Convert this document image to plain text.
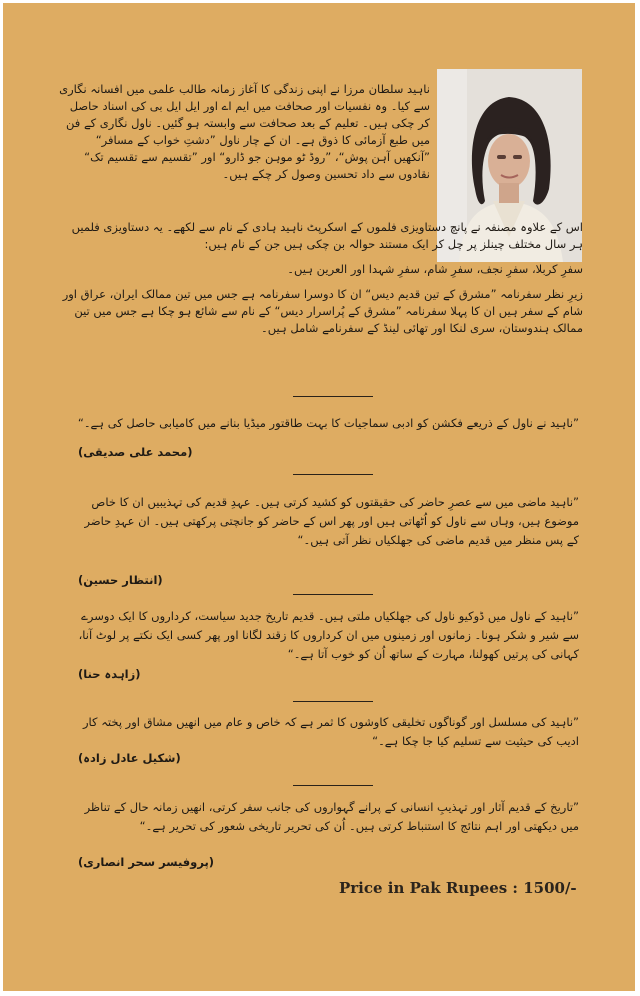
ناہید سلطان مرزا نے اپنی زندگی کا آغاز زمانہ طالب علمی میں افسانہ نگاری سے کیا۔ وہ نفسیات اور صحافت میں ایم اے اور ایل ایل بی کی اسناد حاصل کر چکی ہیں۔ تعلیم کے بعد صحافت سے وابستہ ہو گئیں۔ ناول نگاری کے فن میں طبع آزمائی کا ذوق ہے۔ ان کے چار ناول ”دشتِ خواب کے مسافر“ ”آنکھیں آہن پوش“، ”روڈ ٹو موہن جو ڈارو“ اور ”تقسیم سے تقسیم تک“ نقادوں سے داد تحسین وصول کر چکے ہیں۔

اس کے علاوہ مصنفہ نے پانچ دستاویزی فلموں کے اسکرپٹ ناہید ہادی کے نام سے لکھے۔ یہ دستاویزی فلمیں ہر سال مختلف چینلز پر چل کر ایک مستند حوالہ بن چکی ہیں جن کے نام ہیں:

سفرِ کربلا، سفرِ نجف، سفرِ شام، سفرِ شہدا اور العرین ہیں۔

زیرِ نظر سفرنامہ ”مشرق کے تین قدیم دیس“ ان کا دوسرا سفرنامہ ہے جس میں تین ممالک ایران، عراق اور شام کے سفر ہیں ان کا پہلا سفرنامہ ”مشرق کے پُراسرار دیس“ کے نام سے شائع ہو چکا ہے جس میں تین ممالک ہندوستان، سری لنکا اور تھائی لینڈ کے سفرنامے شامل ہیں۔

”ناہید نے ناول کے ذریعے فکشن کو ادبی سماجیات کا بہت طاقتور میڈیا بنانے میں کامیابی حاصل کی ہے۔“

(محمد علی صدیقی)

”ناہید ماضی میں سے عصرِ حاضر کی حقیقتوں کو کشید کرتی ہیں۔ عہدِ قدیم کی تہذیبیں ان کا خاص موضوع ہیں، وہاں سے ناول کو اُٹھاتی ہیں اور پھر اس کے حاضر کو جانچتی پرکھتی ہیں۔ ان عہدِ حاضر کے پس منظر میں قدیم ماضی کی جھلکیاں نظر آتی ہیں۔“

(انتظار حسین)

”ناہید کے ناول میں ڈوکیو ناول کی جھلکیاں ملتی ہیں۔ قدیم تاریخ جدید سیاست، کرداروں کا ایک دوسرے سے شیر و شکر ہونا۔ زمانوں اور زمینوں میں ان کرداروں کا زقند لگانا اور پھر کسی ایک نکتے پر لوٹ آنا، کہانی کی پرتیں کھولنا، مہارت کے ساتھ اُن کو خوب آتا ہے۔“

(زاہدہ حنا)

”ناہید کی مسلسل اور گوناگوں تخلیقی کاوشوں کا ثمر ہے کہ خاص و عام میں انھیں مشاق اور پختہ کار ادیب کی حیثیت سے تسلیم کیا جا چکا ہے۔“

(شکیل عادل زادہ)

”تاریخ کے قدیم آثار اور تہذیبِ انسانی کے پرانے گہواروں کی جانب سفر کرتی، انھیں زمانہ حال کے تناظر میں دیکھتی اور اہم نتائج کا استنباط کرتی ہیں۔ اُن کی تحریر تاریخی شعور کی تحریر ہے۔“

(پروفیسر سحر انصاری)
Price in Pak Rupees : 1500/-
